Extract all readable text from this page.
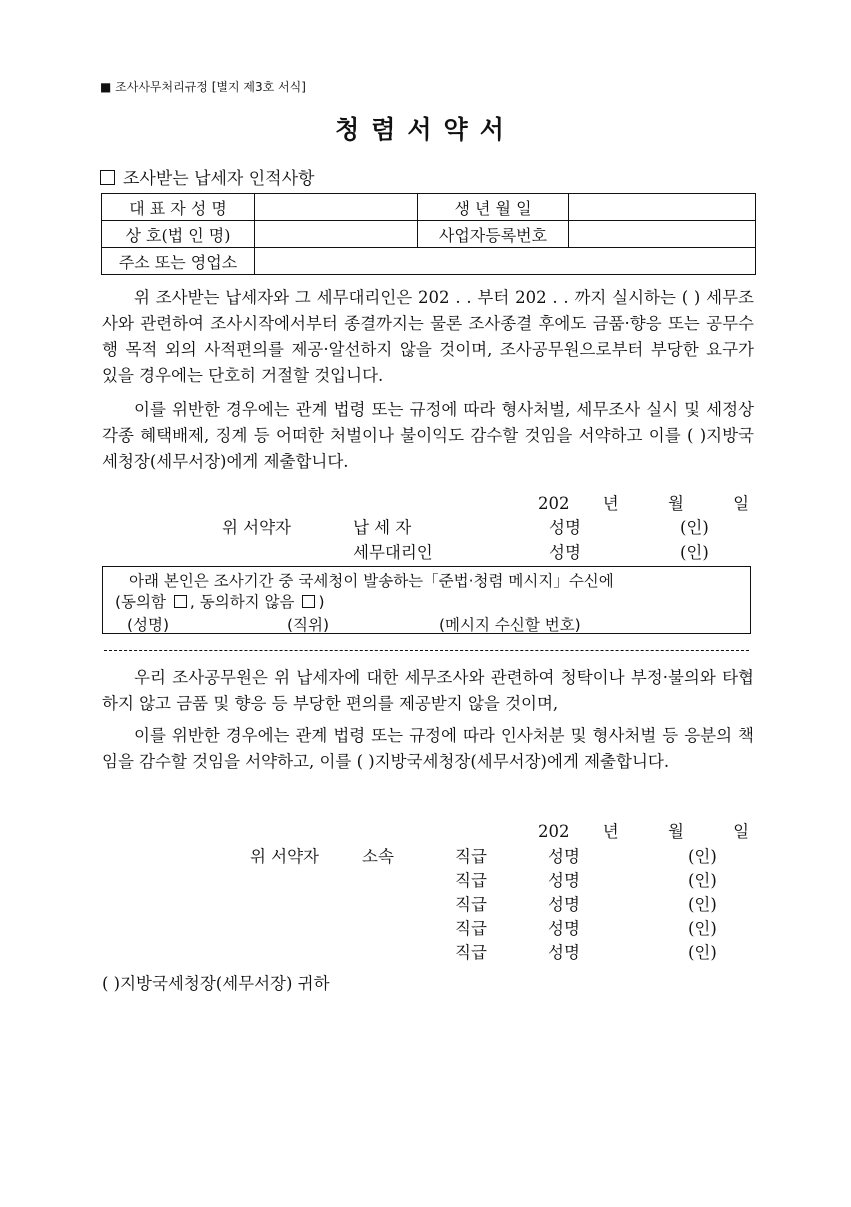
■ 조사사무처리규정 [별지 제3호 서식]
청렴서약서
조사받는 납세자 인적사항
대 표 자 성 명		생 년 월 일	
상 호(법 인 명)		사업자등록번호	
주소 또는 영업소			

위 조사받는 납세자와 그 세무대리인은 202 . . 부터 202 . . 까지 실시하는 ( ) 세무조사와 관련하여 조사시작에서부터 종결까지는 물론 조사종결 후에도 금품·향응 또는 공무수행 목적 외의 사적편의를 제공·알선하지 않을 것이며, 조사공무원으로부터 부당한 요구가 있을 경우에는 단호히 거절할 것입니다.

이를 위반한 경우에는 관계 법령 또는 규정에 따라 형사처벌, 세무조사 실시 및 세정상 각종 혜택배제, 징계 등 어떠한 처벌이나 불이익도 감수할 것임을 서약하고 이를 ( )지방국세청장(세무서장)에게 제출합니다.

202 년	월	일
위 서약자	납 세 자	성명	(인)
세무대리인	성명	(인)
아래 본인은 조사기간 중 국세청이 발송하는「준법·청렴 메시지」수신에
(동의함 , 동의하지 않음 )
(성명)	(직위)	(메시지 수신할 번호)

우리 조사공무원은 위 납세자에 대한 세무조사와 관련하여 청탁이나 부정·불의와 타협하지 않고 금품 및 향응 등 부당한 편의를 제공받지 않을 것이며,

이를 위반한 경우에는 관계 법령 또는 규정에 따라 인사처분 및 형사처벌 등 응분의 책임을 감수할 것임을 서약하고, 이를 ( )지방국세청장(세무서장)에게 제출합니다.

202 년	월	일
위 서약자	소속	직급	성명	(인)
직급	성명	(인)
직급	성명	(인)
직급	성명	(인)
직급	성명	(인)
( )지방국세청장(세무서장) 귀하
